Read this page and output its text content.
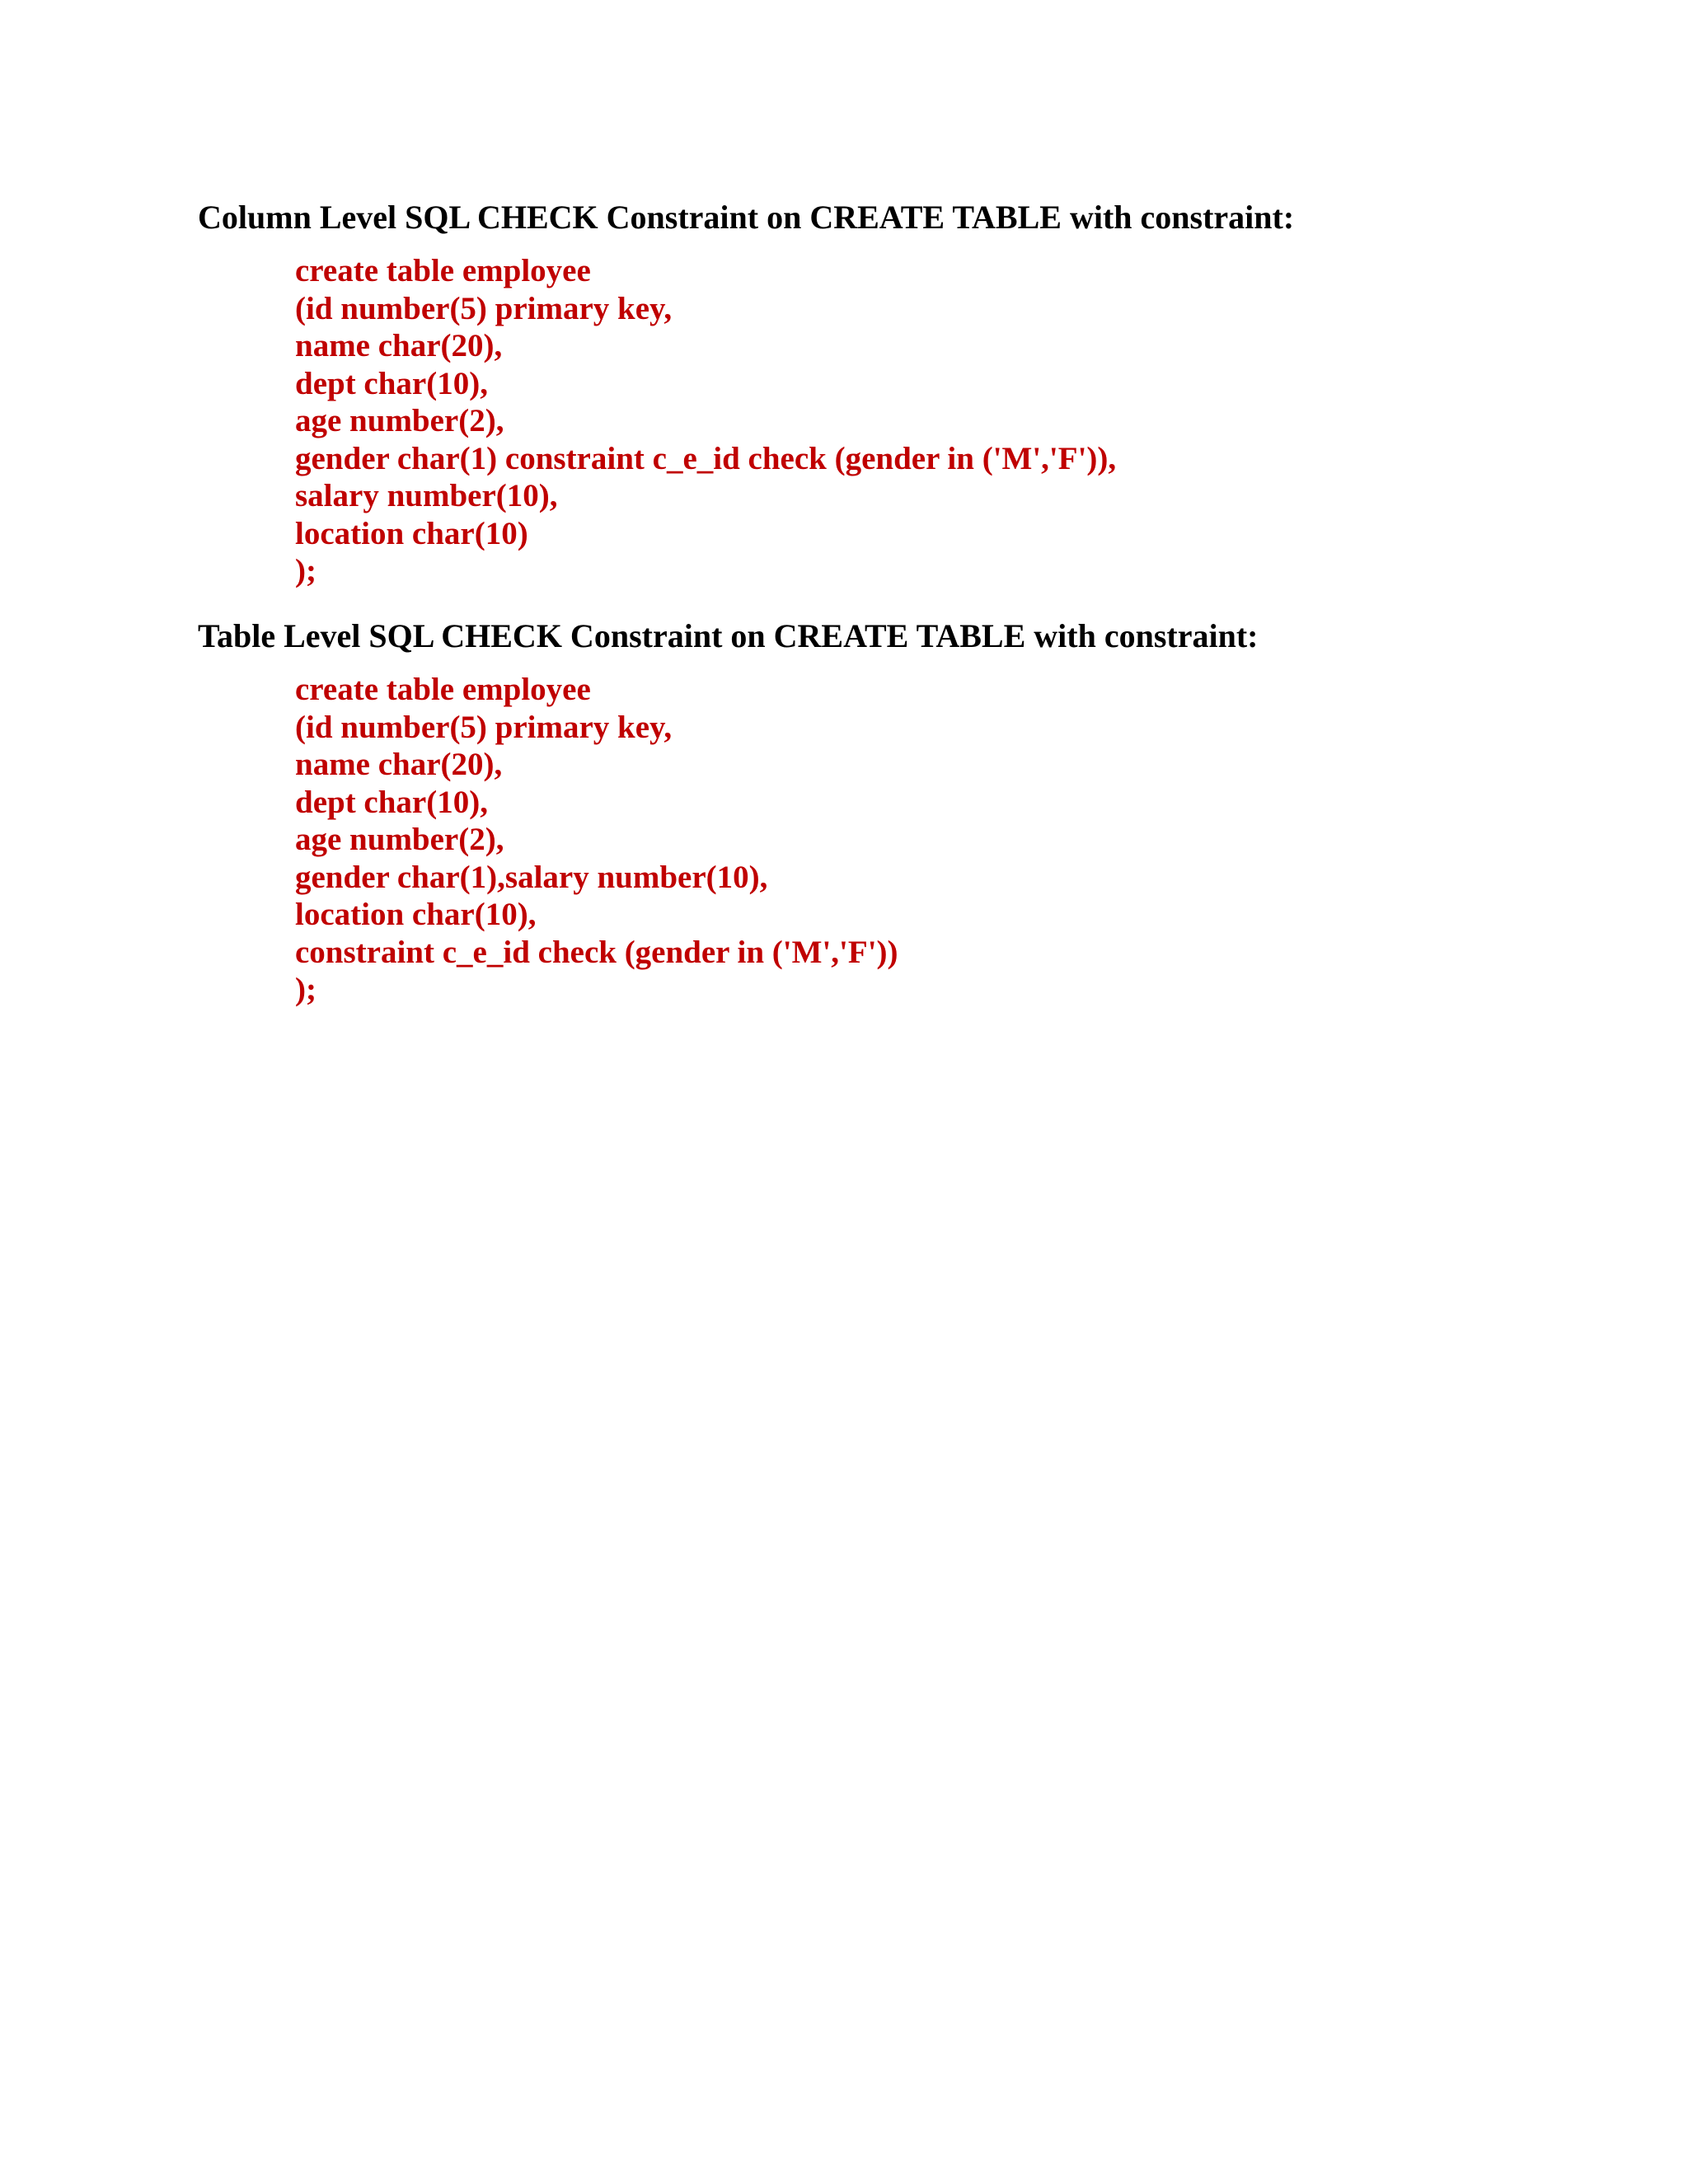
Column Level SQL CHECK Constraint on CREATE TABLE with constraint:
create table employee
(id number(5) primary key,
name char(20),
dept char(10),
age number(2),
gender char(1) constraint c_e_id check (gender in ('M','F')),
salary number(10),
location char(10)
);
Table Level SQL CHECK Constraint on CREATE TABLE with constraint:
create table employee
(id number(5) primary key,
name char(20),
dept char(10),
age number(2),
gender char(1),salary number(10),
location char(10),
constraint c_e_id check (gender in ('M','F'))
);
